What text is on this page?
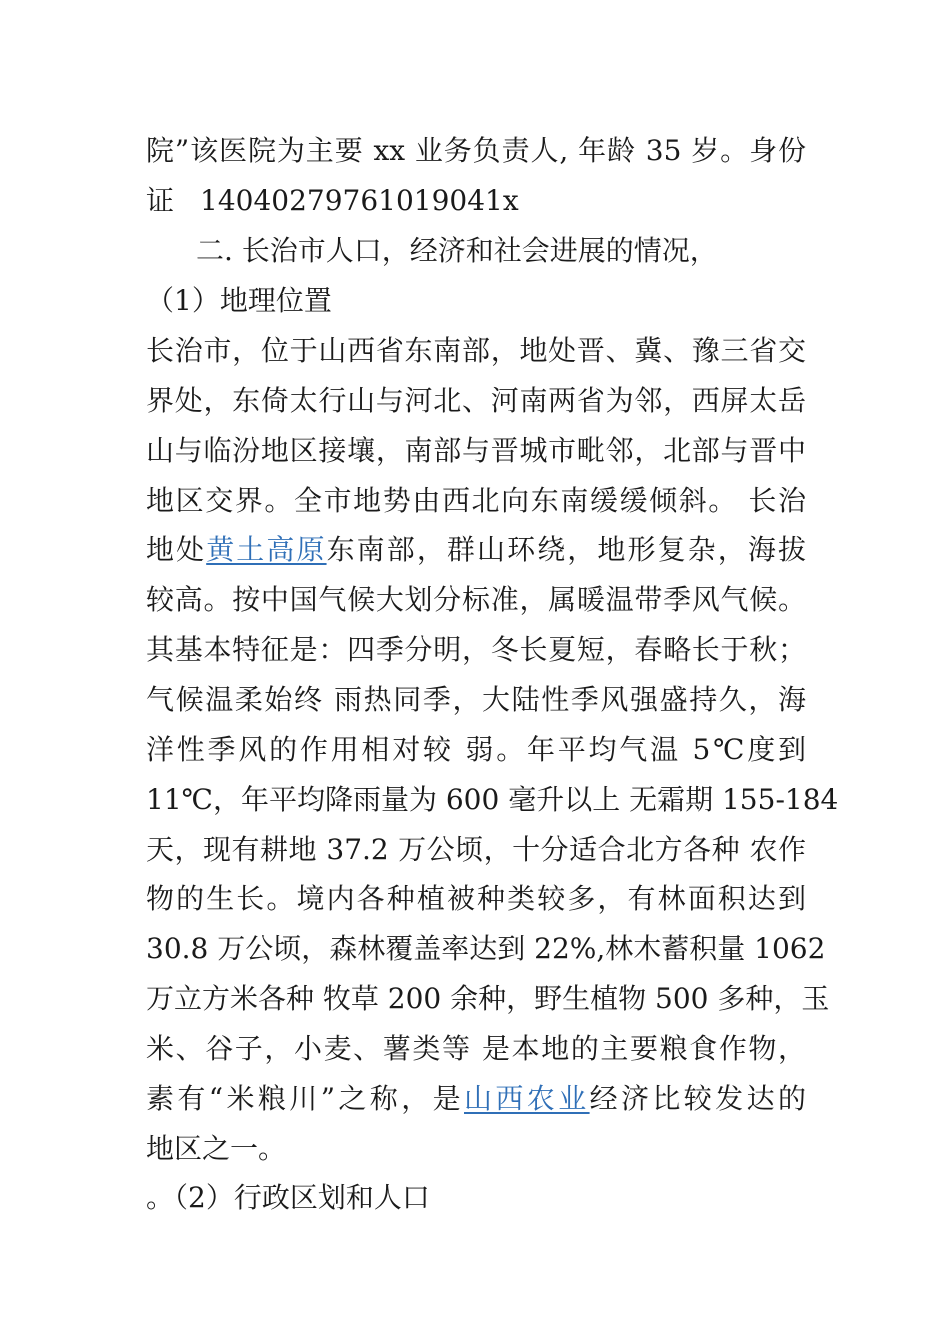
院”该医院为主要 xx 业务负责人, 年龄 35 岁。身份
证 14040279761019041x
二. 长治市人口，经济和社会进展的情况，
（1）地理位置
长治市，位于山西省东南部，地处晋、冀、豫三省交
界处，东倚太行山与河北、河南两省为邻，西屏太岳
山与临汾地区接壤，南部与晋城市毗邻，北部与晋中
地区交界。全市地势由西北向东南缓缓倾斜。 长治
地处黄土高原东南部，群山环绕，地形复杂，海拔
较高。按中国气候大划分标准，属暖温带季风气候。
其基本特征是：四季分明，冬长夏短，春略长于秋；
气候温柔始终 雨热同季，大陆性季风强盛持久，海
洋性季风的作用相对较 弱。年平均气温 5℃度到
11℃，年平均降雨量为 600 毫升以上 无霜期 155-184
天，现有耕地 37.2 万公顷，十分适合北方各种 农作
物的生长。境内各种植被种类较多，有林面积达到
30.8 万公顷，森林覆盖率达到 22%,林木蓄积量 1062
万立方米各种 牧草 200 余种，野生植物 500 多种，玉
米、谷子，小麦、薯类等 是本地的主要粮食作物，
素有“米粮川”之称，是山西农业经济比较发达的
地区之一。
。（2）行政区划和人口
